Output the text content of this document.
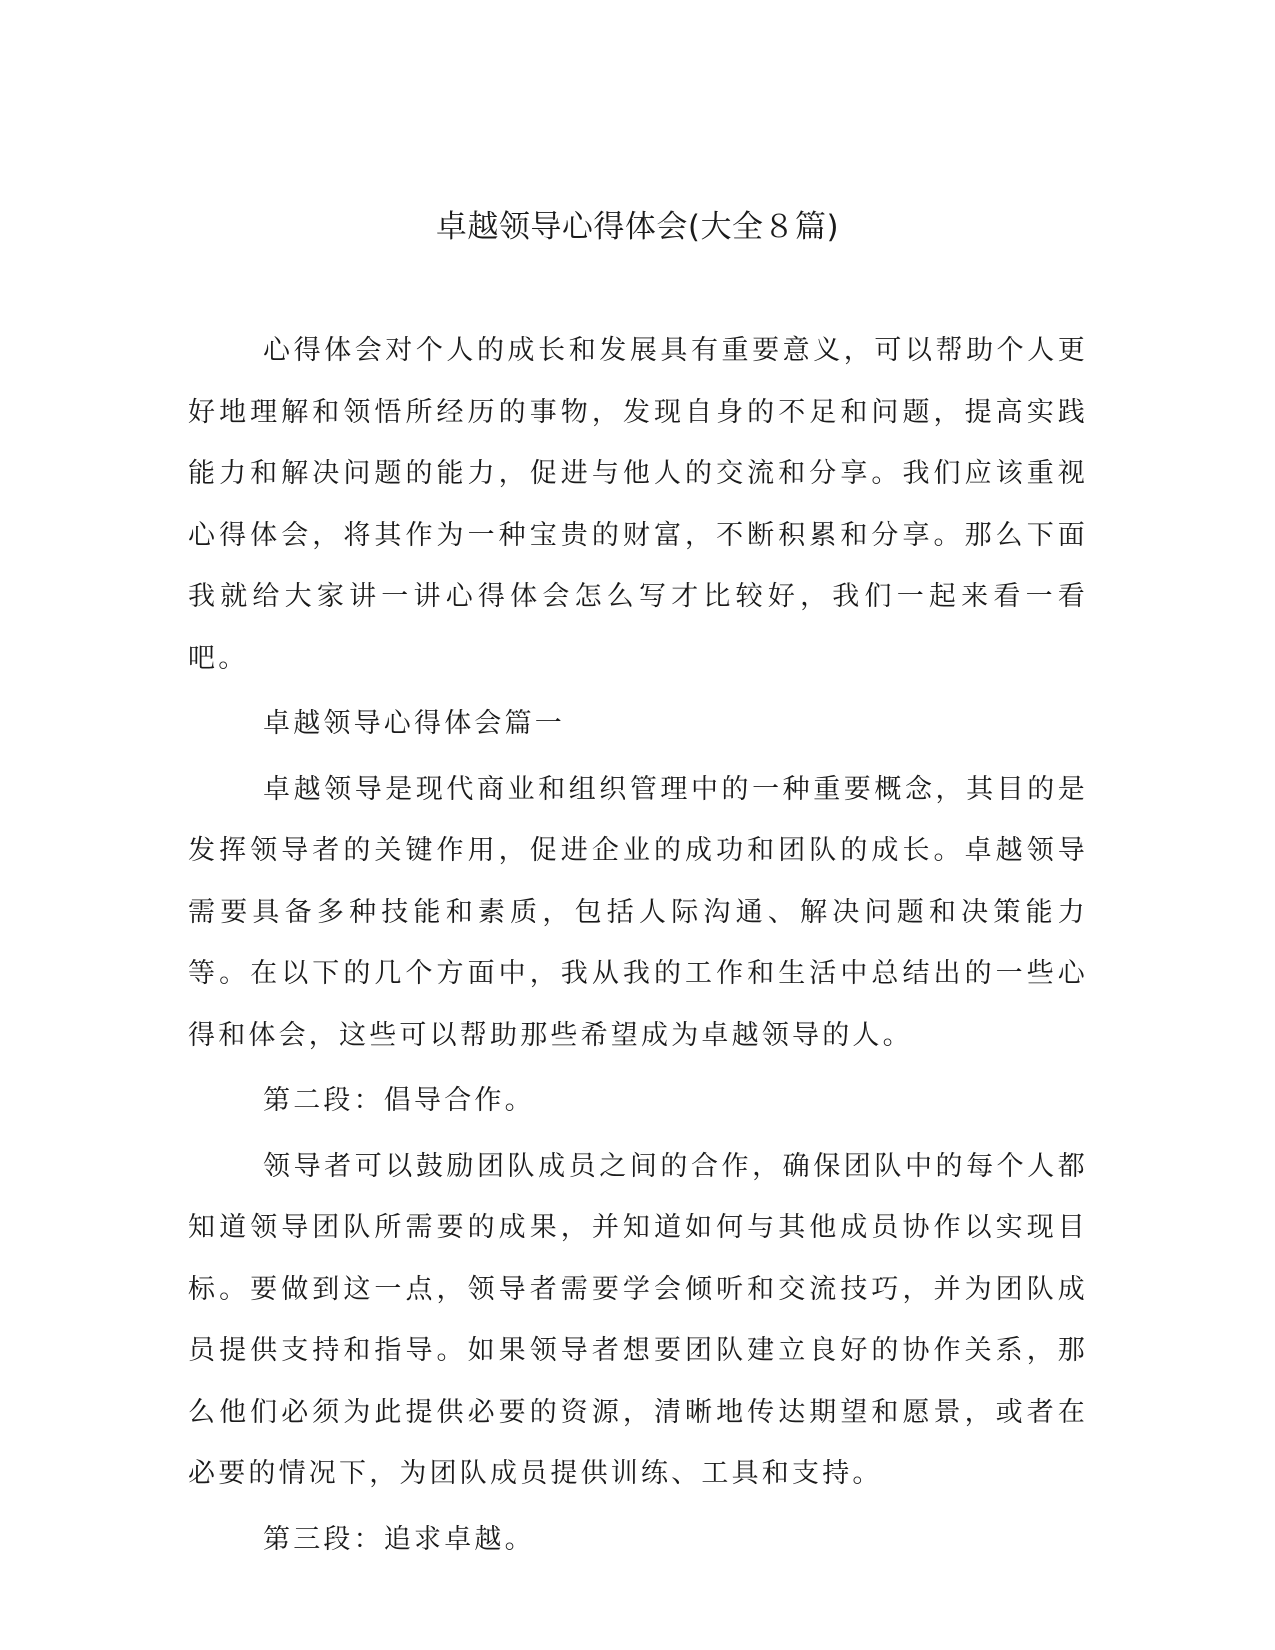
卓越领导心得体会(大全８篇)

心得体会对个人的成长和发展具有重要意义，可以帮助个人更好地理解和领悟所经历的事物，发现自身的不足和问题，提高实践能力和解决问题的能力，促进与他人的交流和分享。我们应该重视心得体会，将其作为一种宝贵的财富，不断积累和分享。那么下面我就给大家讲一讲心得体会怎么写才比较好，我们一起来看一看吧。

卓越领导心得体会篇一

卓越领导是现代商业和组织管理中的一种重要概念，其目的是发挥领导者的关键作用，促进企业的成功和团队的成长。卓越领导需要具备多种技能和素质，包括人际沟通、解决问题和决策能力等。在以下的几个方面中，我从我的工作和生活中总结出的一些心得和体会，这些可以帮助那些希望成为卓越领导的人。

第二段：倡导合作。

领导者可以鼓励团队成员之间的合作，确保团队中的每个人都知道领导团队所需要的成果，并知道如何与其他成员协作以实现目标。要做到这一点，领导者需要学会倾听和交流技巧，并为团队成员提供支持和指导。如果领导者想要团队建立良好的协作关系，那么他们必须为此提供必要的资源，清晰地传达期望和愿景，或者在必要的情况下，为团队成员提供训练、工具和支持。

第三段：追求卓越。
